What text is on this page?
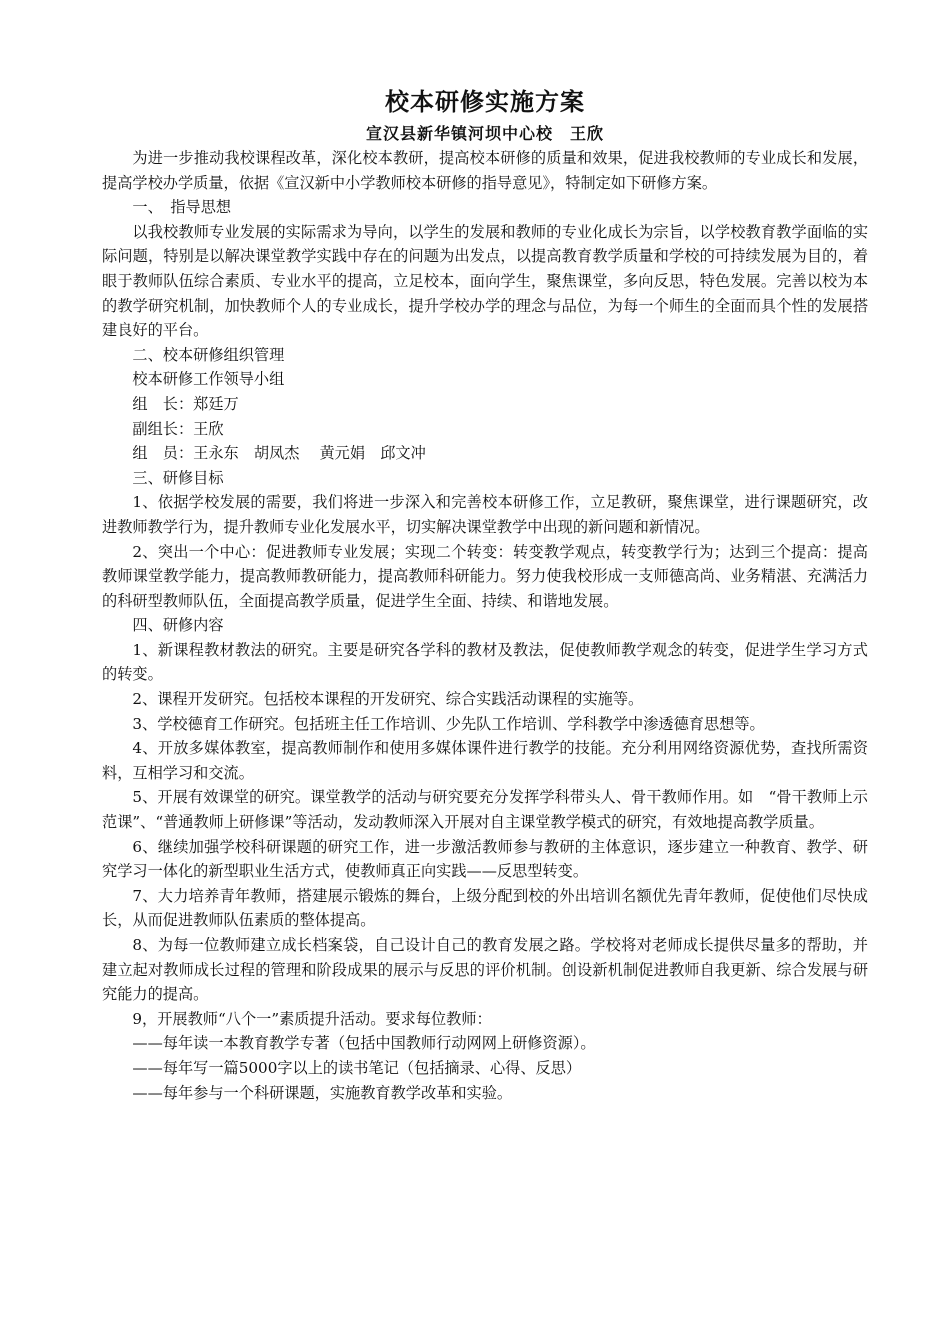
校本研修实施方案

宣汉县新华镇河坝中心校　王欣

为进一步推动我校课程改革，深化校本教研，提高校本研修的质量和效果，促进我校教师的专业成长和发展，提高学校办学质量，依据《宣汉新中小学教师校本研修的指导意见》，特制定如下研修方案。

一、　指导思想

以我校教师专业发展的实际需求为导向，以学生的发展和教师的专业化成长为宗旨，以学校教育教学面临的实际问题，特别是以解决课堂教学实践中存在的问题为出发点，以提高教育教学质量和学校的可持续发展为目的，着眼于教师队伍综合素质、专业水平的提高，立足校本，面向学生，聚焦课堂，多向反思，特色发展。完善以校为本的教学研究机制，加快教师个人的专业成长，提升学校办学的理念与品位，为每一个师生的全面而具个性的发展搭建良好的平台。

二、校本研修组织管理

校本研修工作领导小组

组　长：郑廷万

副组长：王欣

组　员：王永东　胡凤杰　 黄元娟　邱文冲

三、研修目标

1、依据学校发展的需要，我们将进一步深入和完善校本研修工作，立足教研，聚焦课堂，进行课题研究，改进教师教学行为，提升教师专业化发展水平，切实解决课堂教学中出现的新问题和新情况。

2、突出一个中心：促进教师专业发展；实现二个转变：转变教学观点，转变教学行为；达到三个提高：提高教师课堂教学能力，提高教师教研能力，提高教师科研能力。努力使我校形成一支师德高尚、业务精湛、充满活力的科研型教师队伍，全面提高教学质量，促进学生全面、持续、和谐地发展。

四、研修内容

1、新课程教材教法的研究。主要是研究各学科的教材及教法，促使教师教学观念的转变，促进学生学习方式的转变。

2、课程开发研究。包括校本课程的开发研究、综合实践活动课程的实施等。

3、学校德育工作研究。包括班主任工作培训、少先队工作培训、学科教学中渗透德育思想等。

4、开放多媒体教室，提高教师制作和使用多媒体课件进行教学的技能。充分利用网络资源优势，查找所需资料，互相学习和交流。

5、开展有效课堂的研究。课堂教学的活动与研究要充分发挥学科带头人、骨干教师作用。如　“骨干教师上示范课”、“普通教师上研修课”等活动，发动教师深入开展对自主课堂教学模式的研究，有效地提高教学质量。

6、继续加强学校科研课题的研究工作，进一步激活教师参与教研的主体意识，逐步建立一种教育、教学、研究学习一体化的新型职业生活方式，使教师真正向实践——反思型转变。

7、大力培养青年教师，搭建展示锻炼的舞台，上级分配到校的外出培训名额优先青年教师，促使他们尽快成长，从而促进教师队伍素质的整体提高。

8、为每一位教师建立成长档案袋，自己设计自己的教育发展之路。学校将对老师成长提供尽量多的帮助，并建立起对教师成长过程的管理和阶段成果的展示与反思的评价机制。创设新机制促进教师自我更新、综合发展与研究能力的提高。

9，开展教师“八个一”素质提升活动。要求每位教师：

——每年读一本教育教学专著（包括中国教师行动网网上研修资源）。

——每年写一篇5000字以上的读书笔记（包括摘录、心得、反思）

——每年参与一个科研课题，实施教育教学改革和实验。
